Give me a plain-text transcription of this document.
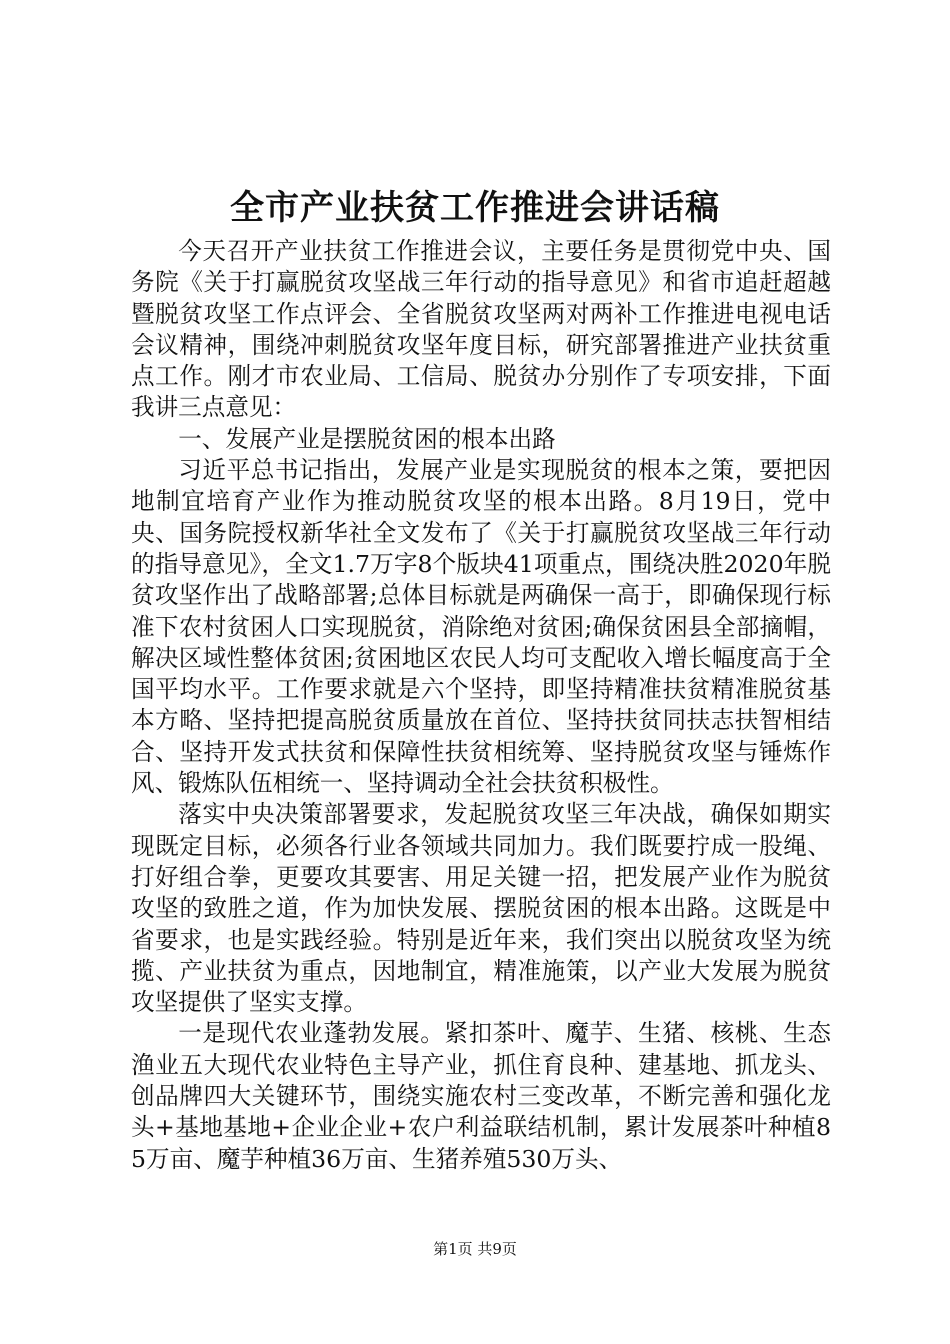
全市产业扶贫工作推进会讲话稿

今天召开产业扶贫工作推进会议，主要任务是贯彻党中央、国务院《关于打赢脱贫攻坚战三年行动的指导意见》和省市追赶超越暨脱贫攻坚工作点评会、全省脱贫攻坚两对两补工作推进电视电话会议精神，围绕冲刺脱贫攻坚年度目标，研究部署推进产业扶贫重点工作。刚才市农业局、工信局、脱贫办分别作了专项安排，下面我讲三点意见：

一、发展产业是摆脱贫困的根本出路

习近平总书记指出，发展产业是实现脱贫的根本之策，要把因地制宜培育产业作为推动脱贫攻坚的根本出路。8月19日，党中央、国务院授权新华社全文发布了《关于打赢脱贫攻坚战三年行动的指导意见》，全文1.7万字8个版块41项重点，围绕决胜2020年脱贫攻坚作出了战略部署;总体目标就是两确保一高于，即确保现行标准下农村贫困人口实现脱贫，消除绝对贫困;确保贫困县全部摘帽，解决区域性整体贫困;贫困地区农民人均可支配收入增长幅度高于全国平均水平。工作要求就是六个坚持，即坚持精准扶贫精准脱贫基本方略、坚持把提高脱贫质量放在首位、坚持扶贫同扶志扶智相结合、坚持开发式扶贫和保障性扶贫相统筹、坚持脱贫攻坚与锤炼作风、锻炼队伍相统一、坚持调动全社会扶贫积极性。

落实中央决策部署要求，发起脱贫攻坚三年决战，确保如期实现既定目标，必须各行业各领域共同加力。我们既要拧成一股绳、打好组合拳，更要攻其要害、用足关键一招，把发展产业作为脱贫攻坚的致胜之道，作为加快发展、摆脱贫困的根本出路。这既是中省要求，也是实践经验。特别是近年来，我们突出以脱贫攻坚为统揽、产业扶贫为重点，因地制宜，精准施策，以产业大发展为脱贫攻坚提供了坚实支撑。

一是现代农业蓬勃发展。紧扣茶叶、魔芋、生猪、核桃、生态渔业五大现代农业特色主导产业，抓住育良种、建基地、抓龙头、创品牌四大关键环节，围绕实施农村三变改革，不断完善和强化龙头+基地基地+企业企业+农户利益联结机制，累计发展茶叶种植85万亩、魔芋种植36万亩、生猪养殖530万头、

第1页 共9页
